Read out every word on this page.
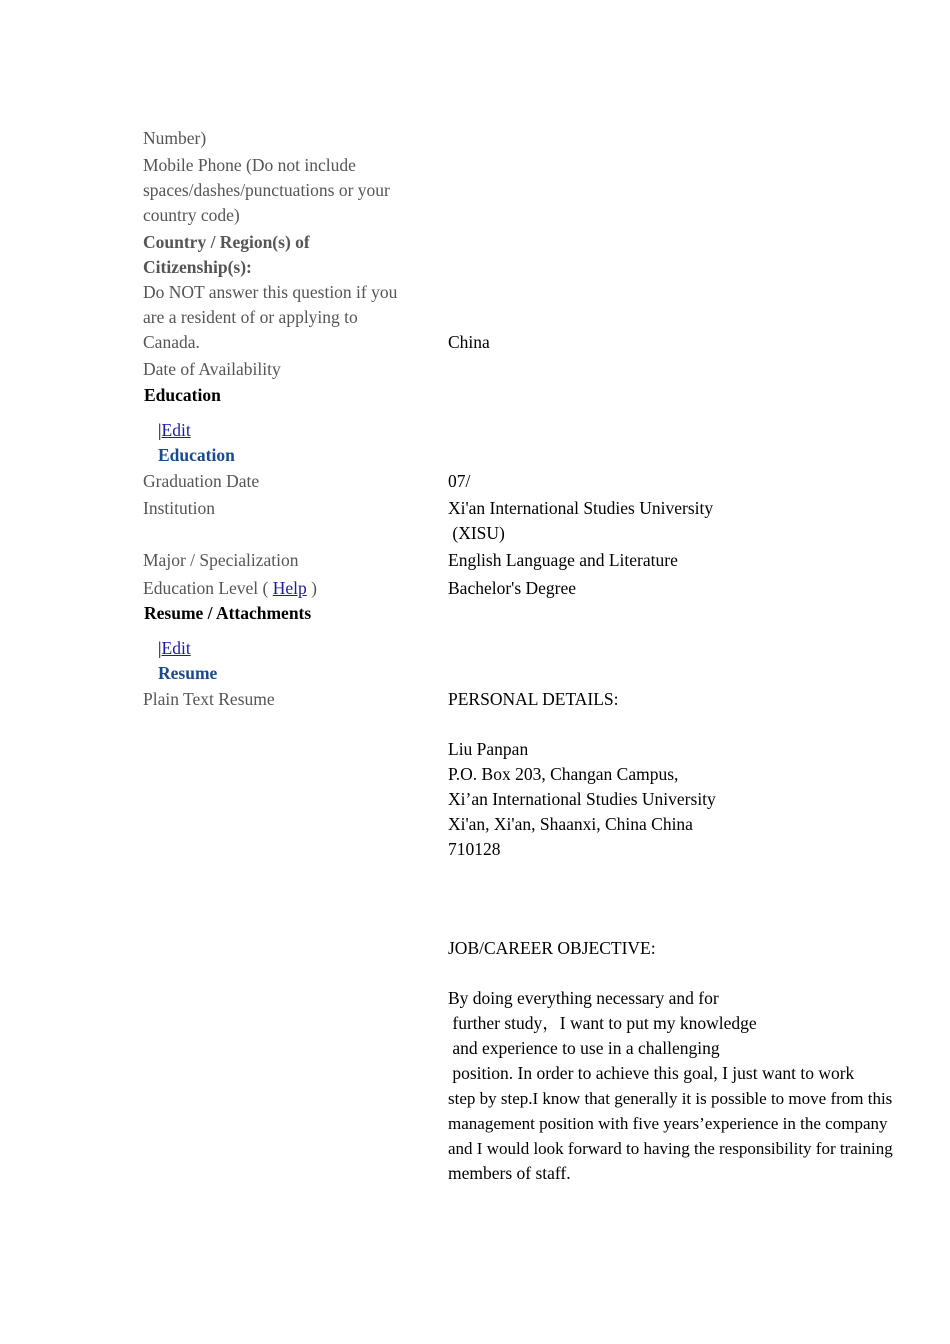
Number)
Mobile Phone (Do not include
spaces/dashes/punctuations or your
country code)
Country / Region(s) of
Citizenship(s):
Do NOT answer this question if you
are a resident of or applying to
Canada.	China
Date of Availability
Education
|Edit
Education
Graduation Date	07/
Institution	Xi'an International Studies University
(XISU)
Major / Specialization	English Language and Literature
Education Level ( Help )	Bachelor's Degree
Resume / Attachments
|Edit
Resume
Plain Text Resume	PERSONAL DETAILS:
Liu Panpan
P.O. Box 203, Changan Campus,
Xi’an International Studies University
Xi'an, Xi'an, Shaanxi, China China
710128
JOB/CAREER OBJECTIVE:
By doing everything necessary and for
further study，I want to put my knowledge
and experience to use in a challenging
position. In order to achieve this goal, I just want to work
step by step.I know that generally it is possible to move from this
management position with five years’experience in the company
and I would look forward to having the responsibility for training
members of staff.
